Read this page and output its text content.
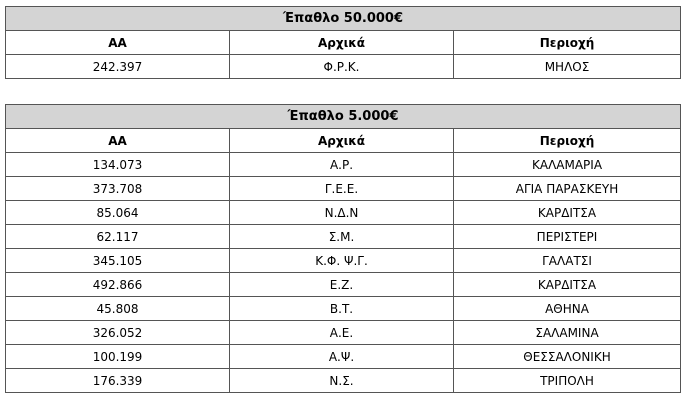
Έπαθλο 50.000€		
ΑΑ	Αρχικά	Περιοχή
242.397	Φ.Ρ.Κ.	ΜΗΛΟΣ
Έπαθλο 5.000€		
ΑΑ	Αρχικά	Περιοχή
134.073	Α.Ρ.	ΚΑΛΑΜΑΡΙΑ
373.708	Γ.Ε.Ε.	ΑΓΙΑ ΠΑΡΑΣΚΕΥΗ
85.064	Ν.Δ.Ν	ΚΑΡΔΙΤΣΑ
62.117	Σ.Μ.	ΠΕΡΙΣΤΕΡΙ
345.105	Κ.Φ. Ψ.Γ.	ΓΑΛΑΤΣΙ
492.866	Ε.Ζ.	ΚΑΡΔΙΤΣΑ
45.808	Β.Τ.	ΑΘΗΝΑ
326.052	Α.Ε.	ΣΑΛΑΜΙΝΑ
100.199	Α.Ψ.	ΘΕΣΣΑΛΟΝΙΚΗ
176.339	Ν.Σ.	ΤΡΙΠΟΛΗ
